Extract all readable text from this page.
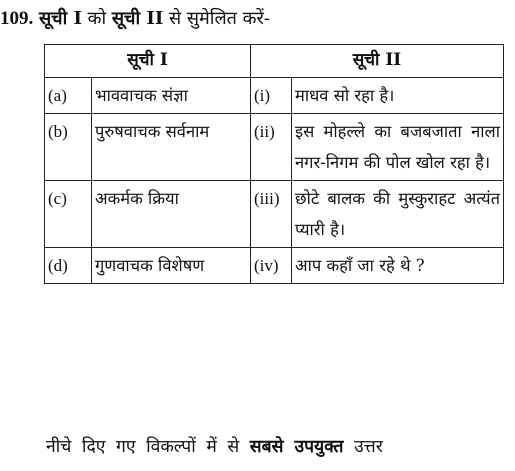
109. सूची I को सूची II से सुमेलित करें-
सूची I		सूची II	
(a)	भाववाचक संज्ञा	(i)	माधव सो रहा है।
(b)	पुरुषवाचक सर्वनाम	(ii)	इस मोहल्ले का बजबजाता नाला नगर-निगम की पोल खोल रहा है।
(c)	अकर्मक क्रिया	(iii)	छोटे बालक की मुस्कुराहट अत्यंत प्यारी है।
(d)	गुणवाचक विशेषण	(iv)	आप कहाँ जा रहे थे ?
नीचे दिए गए विकल्पों में से सबसे उपयुक्त उत्तर
